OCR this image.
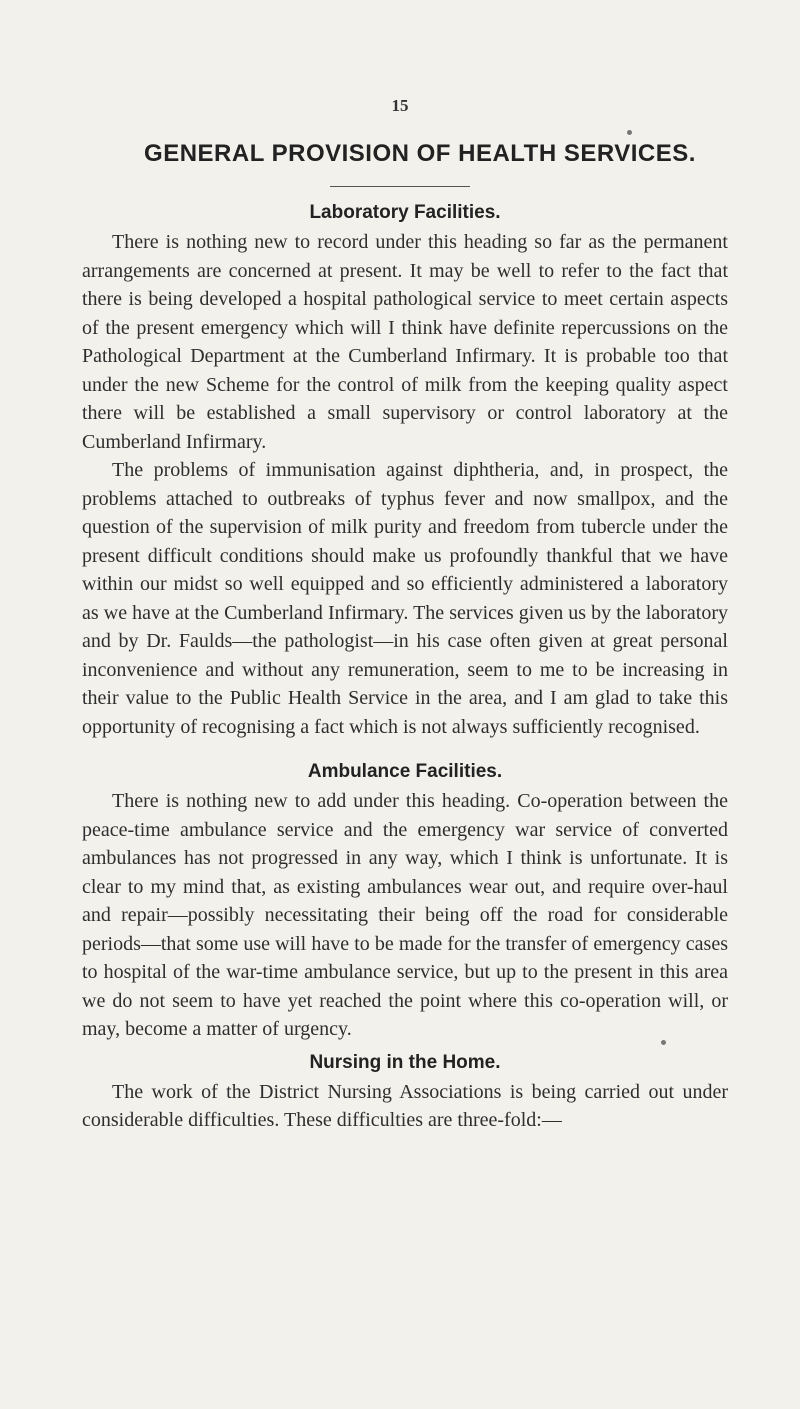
15
GENERAL PROVISION OF HEALTH SERVICES.
Laboratory Facilities.

There is nothing new to record under this heading so far as the permanent arrangements are concerned at present. It may be well to refer to the fact that there is being developed a hospital pathological service to meet certain aspects of the present emergency which will I think have definite repercussions on the Pathological Department at the Cumberland Infirmary. It is probable too that under the new Scheme for the control of milk from the keeping quality aspect there will be established a small supervisory or control laboratory at the Cumberland Infirmary.

The problems of immunisation against diphtheria, and, in prospect, the problems attached to outbreaks of typhus fever and now smallpox, and the question of the supervision of milk purity and freedom from tubercle under the present difficult conditions should make us profoundly thankful that we have within our midst so well equipped and so efficiently administered a laboratory as we have at the Cumberland Infirmary. The services given us by the laboratory and by Dr. Faulds—the pathologist—in his case often given at great personal inconvenience and without any remuneration, seem to me to be increasing in their value to the Public Health Service in the area, and I am glad to take this opportunity of recognising a fact which is not always sufficiently recognised.

Ambulance Facilities.

There is nothing new to add under this heading. Co-operation between the peace-time ambulance service and the emergency war service of converted ambulances has not progressed in any way, which I think is unfortunate. It is clear to my mind that, as existing ambulances wear out, and require over-haul and repair—possibly necessitating their being off the road for considerable periods—that some use will have to be made for the transfer of emergency cases to hospital of the war-time ambulance service, but up to the present in this area we do not seem to have yet reached the point where this co-operation will, or may, become a matter of urgency.

Nursing in the Home.

The work of the District Nursing Associations is being carried out under considerable difficulties. These difficulties are three-fold:—
